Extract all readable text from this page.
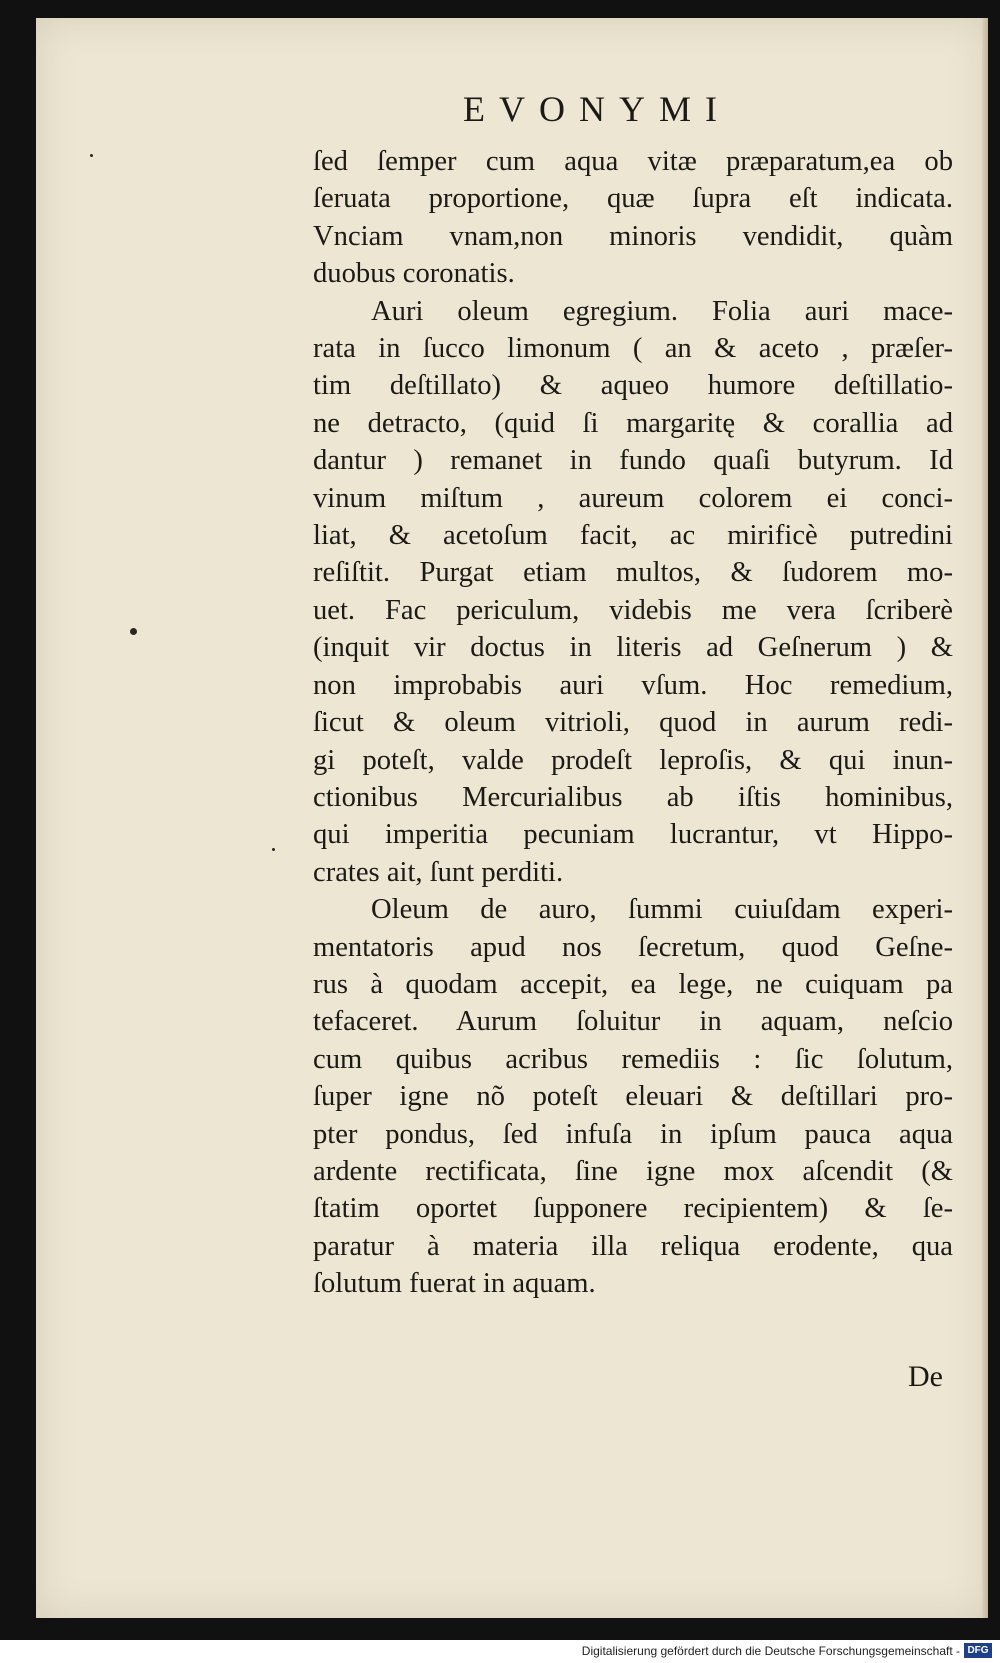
EVONYMI
ſed ſemper cum aqua vitæ præparatum,ea ob
ſeruata proportione, quæ ſupra eſt indicata.
Vnciam vnam,non minoris vendidit, quàm
duobus coronatis.
Auri oleum egregium. Folia auri mace-
rata in ſucco limonum ( an & aceto , præſer-
tim deſtillato) & aqueo humore deſtillatio-
ne detracto, (quid ſi margaritę & corallia ad
dantur ) remanet in fundo quaſi butyrum. Id
vinum miſtum , aureum colorem ei conci-
liat, & acetoſum facit, ac mirificè putredini
reſiſtit. Purgat etiam multos, & ſudorem mo-
uet. Fac periculum, videbis me vera ſcriberè
(inquit vir doctus in literis ad Geſnerum ) &
non improbabis auri vſum. Hoc remedium,
ſicut & oleum vitrioli, quod in aurum redi-
gi poteſt, valde prodeſt leproſis, & qui inun-
ctionibus Mercurialibus ab iſtis hominibus,
qui imperitia pecuniam lucrantur, vt Hippo-
crates ait, ſunt perditi.
Oleum de auro, ſummi cuiuſdam experi-
mentatoris apud nos ſecretum, quod Geſne-
rus à quodam accepit, ea lege, ne cuiquam pa
tefaceret. Aurum ſoluitur in aquam, neſcio
cum quibus acribus remediis : ſic ſolutum,
ſuper igne nõ poteſt eleuari & deſtillari pro-
pter pondus, ſed infuſa in ipſum pauca aqua
ardente rectificata, ſine igne mox aſcendit (&
ſtatim oportet ſupponere recipientem) & ſe-
paratur à materia illa reliqua erodente, qua
ſolutum fuerat in aquam.
De
Digitalisierung gefördert durch die Deutsche Forschungsgemeinschaft - DFG
